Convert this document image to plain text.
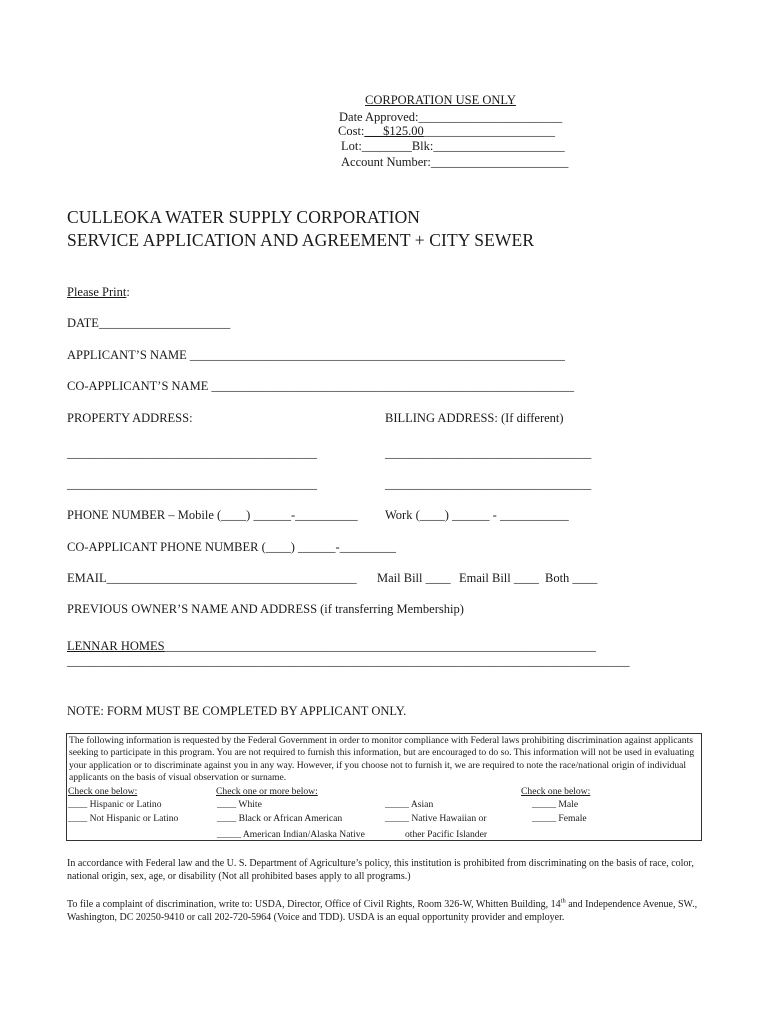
CORPORATION USE ONLY
Date Approved:_______________________
Cost:___$125.00_____________________
Lot:________Blk:_____________________
Account Number:______________________
CULLEOKA WATER SUPPLY CORPORATION
SERVICE APPLICATION AND AGREEMENT + CITY SEWER
Please Print:
DATE_____________________
APPLICANT’S NAME ____________________________________________________________
CO-APPLICANT’S NAME __________________________________________________________
PROPERTY ADDRESS:	BILLING ADDRESS: (If different)
________________________________________	_________________________________
________________________________________	_________________________________
PHONE NUMBER – Mobile (____) ______-__________ Work (____) ______ - ___________
CO-APPLICANT PHONE NUMBER (____) ______-_________
EMAIL________________________________________ Mail Bill ____ Email Bill ____ Both ____
PREVIOUS OWNER’S NAME AND ADDRESS (if transferring Membership)
LENNAR HOMES_____________________________________________________________________
__________________________________________________________________________________________
NOTE: FORM MUST BE COMPLETED BY APPLICANT ONLY.
The following information is requested by the Federal Government in order to monitor compliance with Federal laws prohibiting discrimination against applicants seeking to participate in this program. You are not required to furnish this information, but are encouraged to do so. This information will not be used in evaluating your application or to discriminate against you in any way. However, if you choose not to furnish it, we are required to note the race/national origin of individual applicants on the basis of visual observation or surname.
Check one below:
____ Hispanic or Latino
____ Not Hispanic or Latino
Check one or more below:
____ White
____ Black or African American
_____ American Indian/Alaska Native
_____ Asian
_____ Native Hawaiian or
other Pacific Islander
Check one below:
_____ Male
_____ Female
In accordance with Federal law and the U. S. Department of Agriculture’s policy, this institution is prohibited from discriminating on the basis of race, color, national origin, sex, age, or disability (Not all prohibited bases apply to all programs.)
To file a complaint of discrimination, write to: USDA, Director, Office of Civil Rights, Room 326-W, Whitten Building, 14th and Independence Avenue, SW., Washington, DC 20250-9410 or call 202-720-5964 (Voice and TDD). USDA is an equal opportunity provider and employer.
